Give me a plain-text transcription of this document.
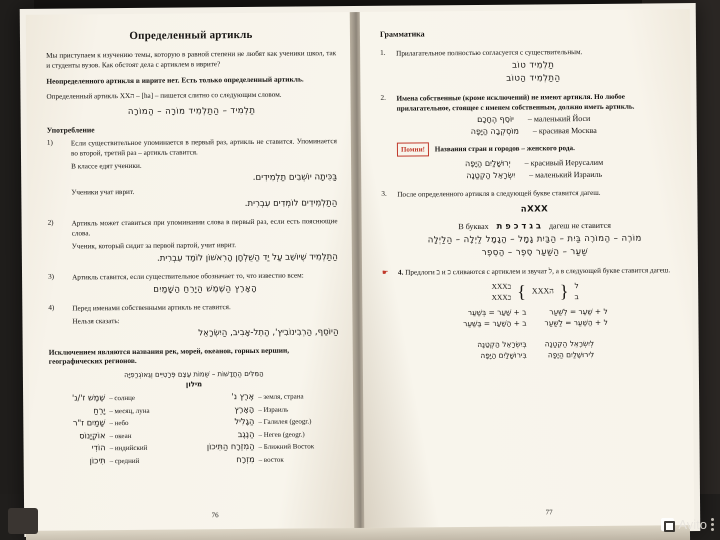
Определенный артикль

Мы приступаем к изучению темы, которую в равной степени не любят как ученики школ, так и студенты вузов. Как обстоят дела с артиклем в иврите?

Неопределенного артикля в иврите нет. Есть только определенный артикль.

Определенный артикль ХХה – [ha] – пишется слитно со следующим словом.

תַלְמִיד – הַתַלְמִיד מוֹרָה – הַמוֹרָה

Употребление

1)	Если существительное упоминается в первый раз, артикль не ставится. Упоминается во второй, третий раз – артикль ставится.
В классе едят ученики.
בַּכִּיתָה יוֹשְׁבִים תַלְמִידִים.
Ученики учат иврит.
הַתַלְמִידִים לוֹמְדִים עִבְרִית.
2)	Артикль может ставиться при упоминании слова в первый раз, если есть пояснющие слова.
Ученик, который сидит за первой партой, учит иврит.
הַתַלְמִיד שֶׁיוֹשֵׁב עַל יַד הַשֻׁלְחָן הָרִאשׁוֹן לוֹמֵד עִבְרִית.
3)	Артикль ставится, если существительное обозначает то, что известно всем:
הָאָרֶץ הַשֶׁמֶשׁ הַיָרֵחַ הַשָׁמַיִם
4)	Перед именами собственными артикль не ставится.
Нельзя сказать:
הַיוֹסֵף, הַרְבִינוֹבִיץ', הַתֵל-אָבִיב, הַיִשְׂרָאֵל

Исключением являются названия рек, морей, океанов, горных вершин, географических регионов.

הַמִּלִּים הַחֲדָשׁוֹת – שֵׁמוֹת עֶצֶם פְּרָטִיִּים וְגֵאוֹגְרַפִיָּה
מילון
שֶׁמֶשׁ ז'/נ' – солнце
יָרֵחַ – месяц, луна
שָׁמַיִם ז"ר – небо
אוֹקְיָנוֹס – океан
הוֹדִי – индийский
תִּיכוֹן – средний
אֶרֶץ נ' – земля, страна
הָאָרֶץ – Израиль
הַגָלִיל – Галилея (geogr.)
הַנֶגֶב – Негев (geogr.)
הַמִזְרָח הַתִּיכוֹן – Ближний Восток
מִזְרָח – восток
76
Грамматика
1.	Прилагательное полностью согласуется с существительным.
תַלְמִיד טוֹב
הַתַלְמִיד הַטוֹב
2.	Имена собственные (кроме исключений) не имеют артикля. Но любое прилагательное, стоящее с именем собственным, должно иметь артикль.
יוֹסֵף הֶחָכָם – маленький Йоси
מוֹסְקְבָה הַיָפָה – красивая Москва
Помни! Названия стран и городов – женского рода.
יְרוּשָׁלַיִם הַיָפָה – красивый Иерусалим
יִשְׂרָאֵל הַקְטַנָה – маленький Израиль
3.	После определенного артикля в следующей букве ставится дагеш.
XXXה
В буквах ב ג ד כ פ ת дагеш не ставится
מוֹרֶה – הַמוֹרֶה בַּיִת – הַבַּיִת גָמָל – הַגָמָל לַיְלָה – הַלַיְלָה
שַׁעַר – הַשַּׁעַר סֵפֶר – הַסֵפֶר
☛	4. Предлоги ב и כ сливаются с артиклем и звучат ל, а в следующей букве ставится дагеш.
XXXב
XXXכ { XXXה } ל
ב
ב + שַׁעַר = בְּשַׁעַר
ב + הַשַׁעַר = בַּשַּׁעַר
ל + שַׁעַר = לְשַׁעַר
ל + הַשַׁעַר = לַשַּׁעַר
בְּיִשְׂרָאֵל הַקְטַנָה
בִּירוּשָׁלַיִם הַיָפָה
לְיִשְׂרָאֵל הַקְטַנָה
לִירוּשָׁלַיִם הַיָפָה
77
Avito
